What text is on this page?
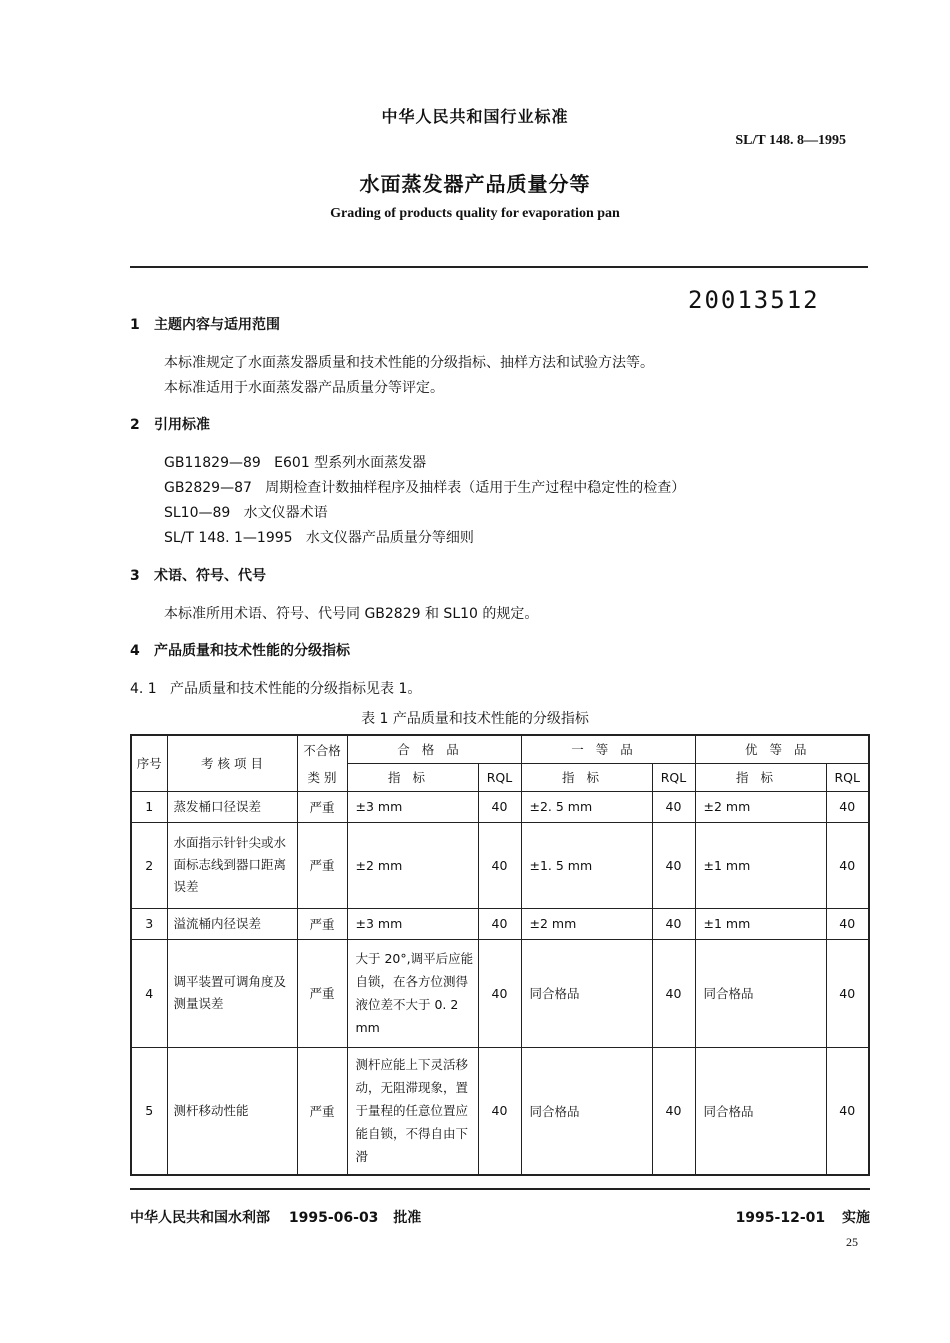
中华人民共和国行业标准
SL/T 148. 8—1995
水面蒸发器产品质量分等
Grading of products quality for evaporation pan
20013512
1 主题内容与适用范围
本标准规定了水面蒸发器质量和技术性能的分级指标、抽样方法和试验方法等。
本标准适用于水面蒸发器产品质量分等评定。
2 引用标准
GB11829—89   E601 型系列水面蒸发器
GB2829—87   周期检查计数抽样程序及抽样表（适用于生产过程中稳定性的检查）
SL10—89   水文仪器术语
SL/T 148. 1—1995   水文仪器产品质量分等细则
3 术语、符号、代号
本标准所用术语、符号、代号同 GB2829 和 SL10 的规定。
4 产品质量和技术性能的分级指标
4. 1 产品质量和技术性能的分级指标见表 1。
表 1 产品质量和技术性能的分级指标
序号	考 核 项 目	不合格	合格品		一等品		优等品	
		类 别	指标	RQL	指标	RQL	指标	RQL
1	蒸发桶口径误差	严重	±3 mm	40	±2. 5 mm	40	±2 mm	40
2	水面指示针针尖或水面标志线到器口距离误差	严重	±2 mm	40	±1. 5 mm	40	±1 mm	40
3	溢流桶内径误差	严重	±3 mm	40	±2 mm	40	±1 mm	40
4	调平装置可调角度及测量误差	严重	大于 20°,调平后应能自锁，在各方位测得液位差不大于 0. 2 mm	40	同合格品	40	同合格品	40
5	测杆移动性能	严重	测杆应能上下灵活移动，无阻滞现象，置于量程的任意位置应能自锁，不得自由下滑	40	同合格品	40	同合格品	40
中华人民共和国水利部 1995-06-03 批准	1995-12-01 实施
25
